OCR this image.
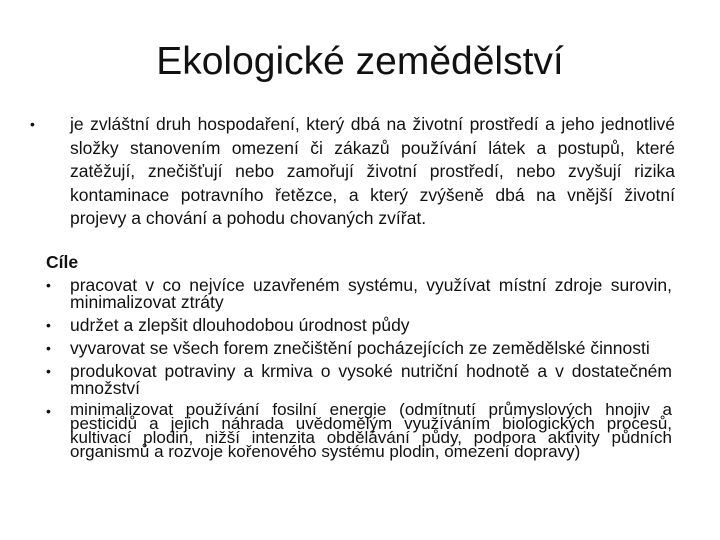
Ekologické zemědělství
•	je zvláštní druh hospodaření, který dbá na životní prostředí a jeho jednotlivé složky stanovením omezení či zákazů používání látek a postupů, které zatěžují, znečišťují nebo zamořují životní prostředí, nebo zvyšují rizika kontaminace potravního řetězce, a který zvýšeně dbá na vnější životní projevy a chování a pohodu chovaných zvířat.
Cíle
•	pracovat v co nejvíce uzavřeném systému, využívat místní zdroje surovin, minimalizovat ztráty
•	udržet a zlepšit dlouhodobou úrodnost půdy
•	vyvarovat se všech forem znečištění pocházejících ze zemědělské činnosti
•	produkovat potraviny a krmiva o vysoké nutriční hodnotě a v dostatečném množství
•	minimalizovat používání fosilní energie (odmítnutí průmyslových hnojiv a pesticidů a jejich náhrada uvědomělým využíváním biologických procesů, kultivací plodin, nižší intenzita obdělávání půdy, podpora aktivity půdních organismů a rozvoje kořenového systému plodin, omezení dopravy)
